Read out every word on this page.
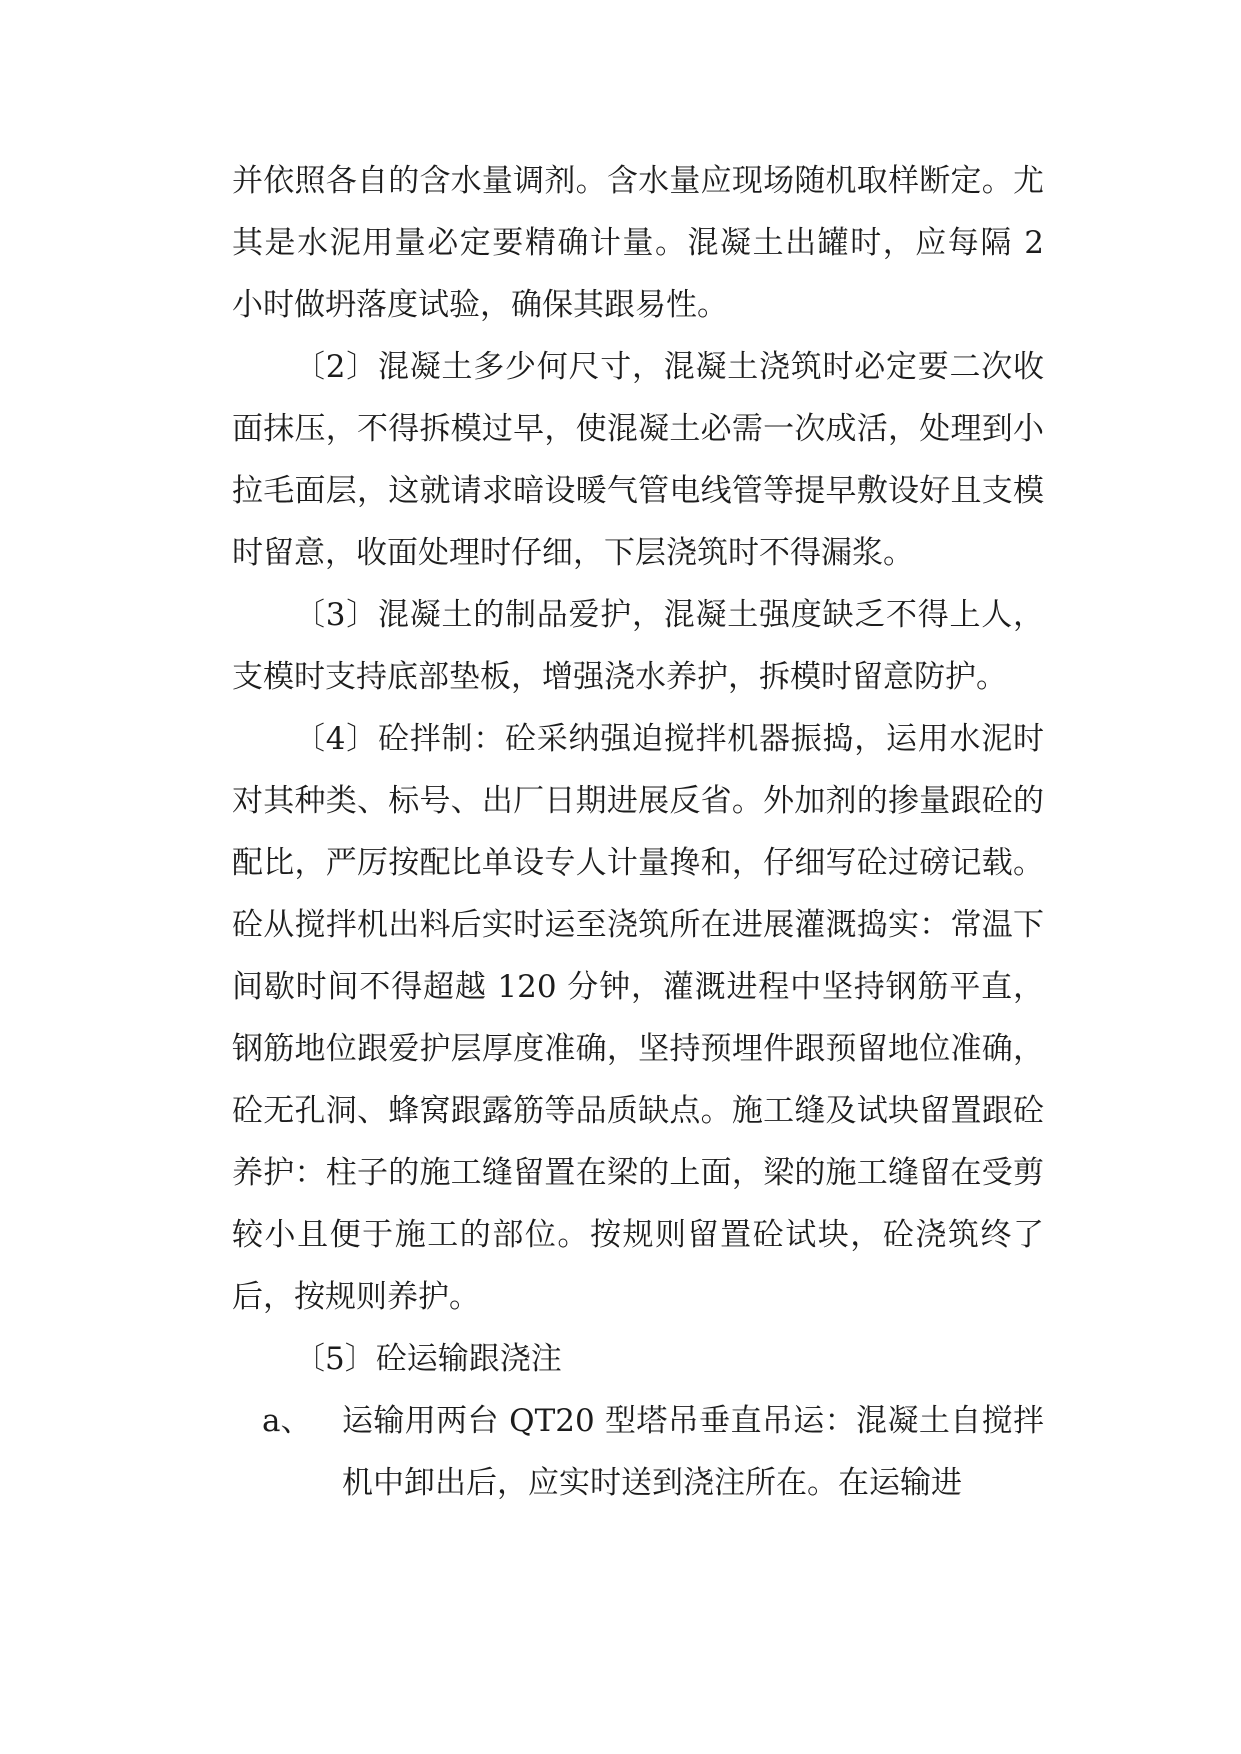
并依照各自的含水量调剂。含水量应现场随机取样断定。尤其是水泥用量必定要精确计量。混凝土出罐时，应每隔 2 小时做坍落度试验，确保其跟易性。

〔2〕混凝土多少何尺寸，混凝土浇筑时必定要二次收面抹压，不得拆模过早，使混凝土必需一次成活，处理到小拉毛面层，这就请求暗设暖气管电线管等提早敷设好且支模时留意，收面处理时仔细，下层浇筑时不得漏浆。

〔3〕混凝土的制品爱护，混凝土强度缺乏不得上人，支模时支持底部垫板，增强浇水养护，拆模时留意防护。

〔4〕砼拌制：砼采纳强迫搅拌机器振捣，运用水泥时对其种类、标号、出厂日期进展反省。外加剂的掺量跟砼的配比，严厉按配比单设专人计量搀和，仔细写砼过磅记载。砼从搅拌机出料后实时运至浇筑所在进展灌溉捣实：常温下间歇时间不得超越 120 分钟，灌溉进程中坚持钢筋平直，钢筋地位跟爱护层厚度准确，坚持预埋件跟预留地位准确，砼无孔洞、蜂窝跟露筋等品质缺点。施工缝及试块留置跟砼养护：柱子的施工缝留置在梁的上面，梁的施工缝留在受剪较小且便于施工的部位。按规则留置砼试块，砼浇筑终了后，按规则养护。

〔5〕砼运输跟浇注

a、 运输用两台 QT20 型塔吊垂直吊运：混凝土自搅拌机中卸出后，应实时送到浇注所在。在运输进
